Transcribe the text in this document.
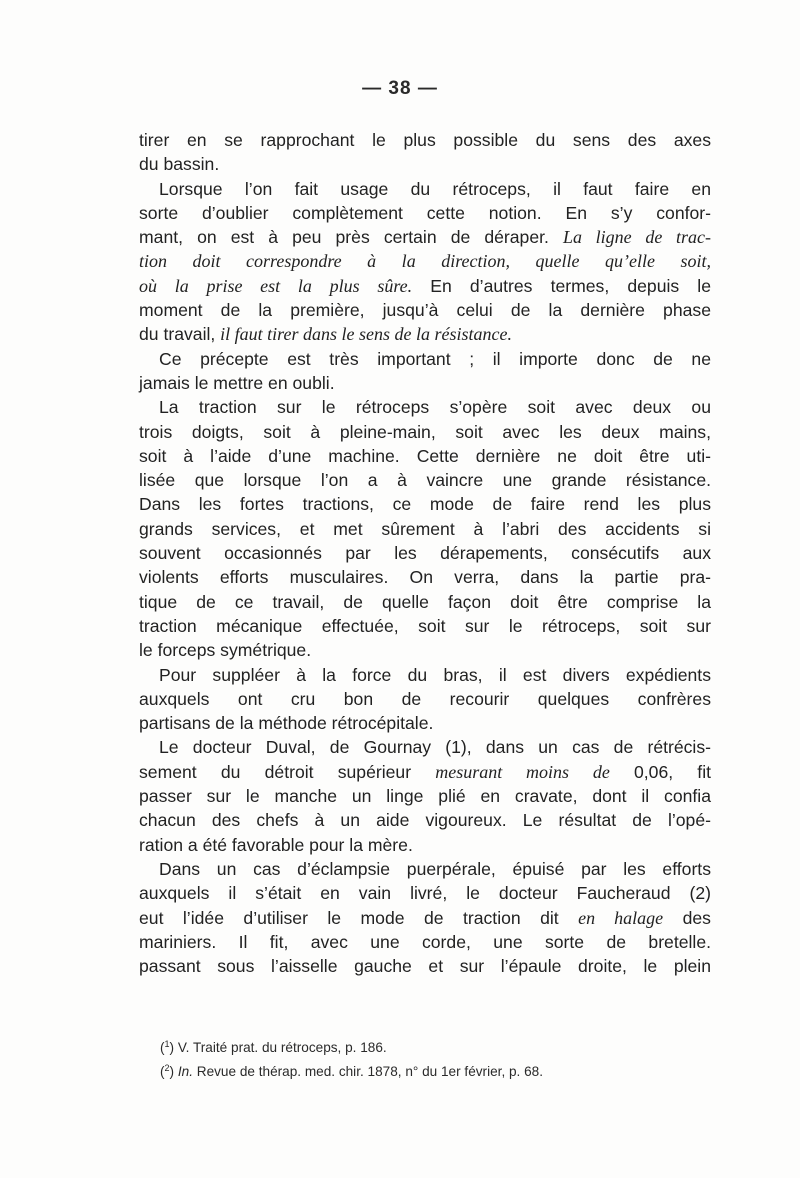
— 38 —
tirer en se rapprochant le plus possible du sens des axes
du bassin.
Lorsque l’on fait usage du rétroceps, il faut faire en
sorte d’oublier complètement cette notion. En s’y confor-
mant, on est à peu près certain de déraper. La ligne de trac-
tion doit correspondre à la direction, quelle qu’elle soit,
où la prise est la plus sûre. En d’autres termes, depuis le
moment de la première, jusqu’à celui de la dernière phase
du travail, il faut tirer dans le sens de la résistance.
Ce précepte est très important ; il importe donc de ne
jamais le mettre en oubli.
La traction sur le rétroceps s’opère soit avec deux ou
trois doigts, soit à pleine-main, soit avec les deux mains,
soit à l’aide d’une machine. Cette dernière ne doit être uti-
lisée que lorsque l’on a à vaincre une grande résistance.
Dans les fortes tractions, ce mode de faire rend les plus
grands services, et met sûrement à l’abri des accidents si
souvent occasionnés par les dérapements, consécutifs aux
violents efforts musculaires. On verra, dans la partie pra-
tique de ce travail, de quelle façon doit être comprise la
traction mécanique effectuée, soit sur le rétroceps, soit sur
le forceps symétrique.
Pour suppléer à la force du bras, il est divers expédients
auxquels ont cru bon de recourir quelques confrères
partisans de la méthode rétrocépitale.
Le docteur Duval, de Gournay (1), dans un cas de rétrécis-
sement du détroit supérieur mesurant moins de 0,06, fit
passer sur le manche un linge plié en cravate, dont il confia
chacun des chefs à un aide vigoureux. Le résultat de l’opé-
ration a été favorable pour la mère.
Dans un cas d’éclampsie puerpérale, épuisé par les efforts
auxquels il s’était en vain livré, le docteur Faucheraud (2)
eut l’idée d’utiliser le mode de traction dit en halage des
mariniers. Il fit, avec une corde, une sorte de bretelle.
passant sous l’aisselle gauche et sur l’épaule droite, le plein
($^1$) V. Traité prat. du rétroceps, p. 186.
($^2$) In. Revue de thérap. med. chir. 1878, n° du 1er février, p. 68.
